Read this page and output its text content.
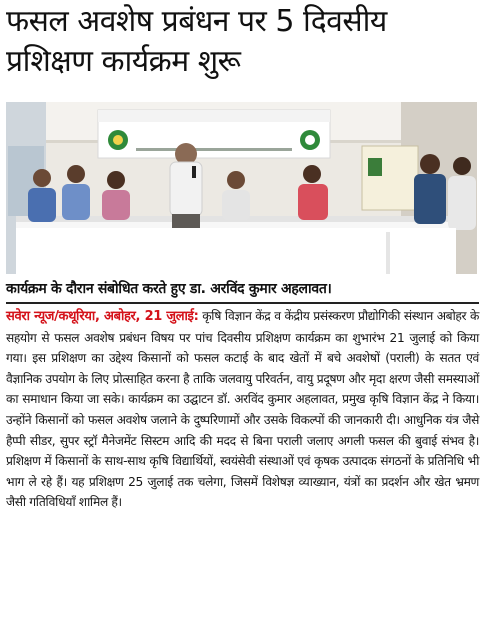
फसल अवशेष प्रबंधन पर 5 दिवसीय प्रशिक्षण कार्यक्रम शुरू

कार्यक्रम के दौरान संबोधित करते हुए डा. अरविंद कुमार अहलावत।

सवेरा न्यूज/कथूरिया, अबोहर, 21 जुलाई: कृषि विज्ञान केंद्र व केंद्रीय प्रसंस्करण प्रौद्योगिकी संस्थान अबोहर के सहयोग से फसल अवशेष प्रबंधन विषय पर पांच दिवसीय प्रशिक्षण कार्यक्रम का शुभारंभ 21 जुलाई को किया गया। इस प्रशिक्षण का उद्देश्य किसानों को फसल कटाई के बाद खेतों में बचे अवशेषों (पराली) के सतत एवं वैज्ञानिक उपयोग के लिए प्रोत्साहित करना है ताकि जलवायु परिवर्तन, वायु प्रदूषण और मृदा क्षरण जैसी समस्याओं का समाधान किया जा सके। कार्यक्रम का उद्घाटन डॉ. अरविंद कुमार अहलावत, प्रमुख कृषि विज्ञान केंद्र ने किया। उन्होंने किसानों को फसल अवशेष जलाने के दुष्परिणामों और उसके विकल्पों की जानकारी दी। आधुनिक यंत्र जैसे हैप्पी सीडर, सुपर स्ट्रॉ मैनेजमेंट सिस्टम आदि की मदद से बिना पराली जलाए अगली फसल की बुवाई संभव है। प्रशिक्षण में किसानों के साथ-साथ कृषि विद्यार्थियों, स्वयंसेवी संस्थाओं एवं कृषक उत्पादक संगठनों के प्रतिनिधि भी भाग ले रहे हैं। यह प्रशिक्षण 25 जुलाई तक चलेगा, जिसमें विशेषज्ञ व्याख्यान, यंत्रों का प्रदर्शन और खेत भ्रमण जैसी गतिविधियाँ शामिल हैं।
